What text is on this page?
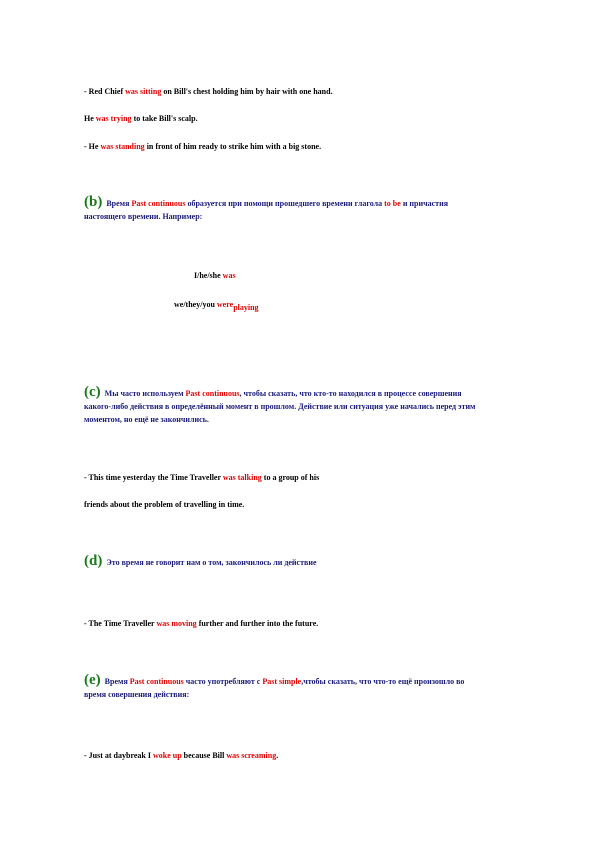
- Red Chief was sitting on Bill's chest holding him by hair with one hand.
He was trying to take Bill's scalp.
- He was standing in front of him ready to strike him with a big stone.
(b) Время Past continuous образуется при помощи прошедшего времени глагола to be и причастия
настоящего времени. Например:
I/he/she was
we/they/you wereplaying
(c) Мы часто используем Past continuous, чтобы сказать, что кто-то находился в процессе совершения
какого-либо действия в определённый момент в прошлом. Действие или ситуация уже начались перед этим
моментом, но ещё не закончились.
- This time yesterday the Time Traveller was talking to a group of his
friends about the problem of travelling in time.
(d) Это время не говорит нам о том, закончилось ли действие
- The Time Traveller was moving further and further into the future.
(e) Время Past continuous часто употребляют с Past simple,чтобы сказать, что что-то ещё произошло во
время совершения действия:
- Just at daybreak I woke up because Bill was screaming.
